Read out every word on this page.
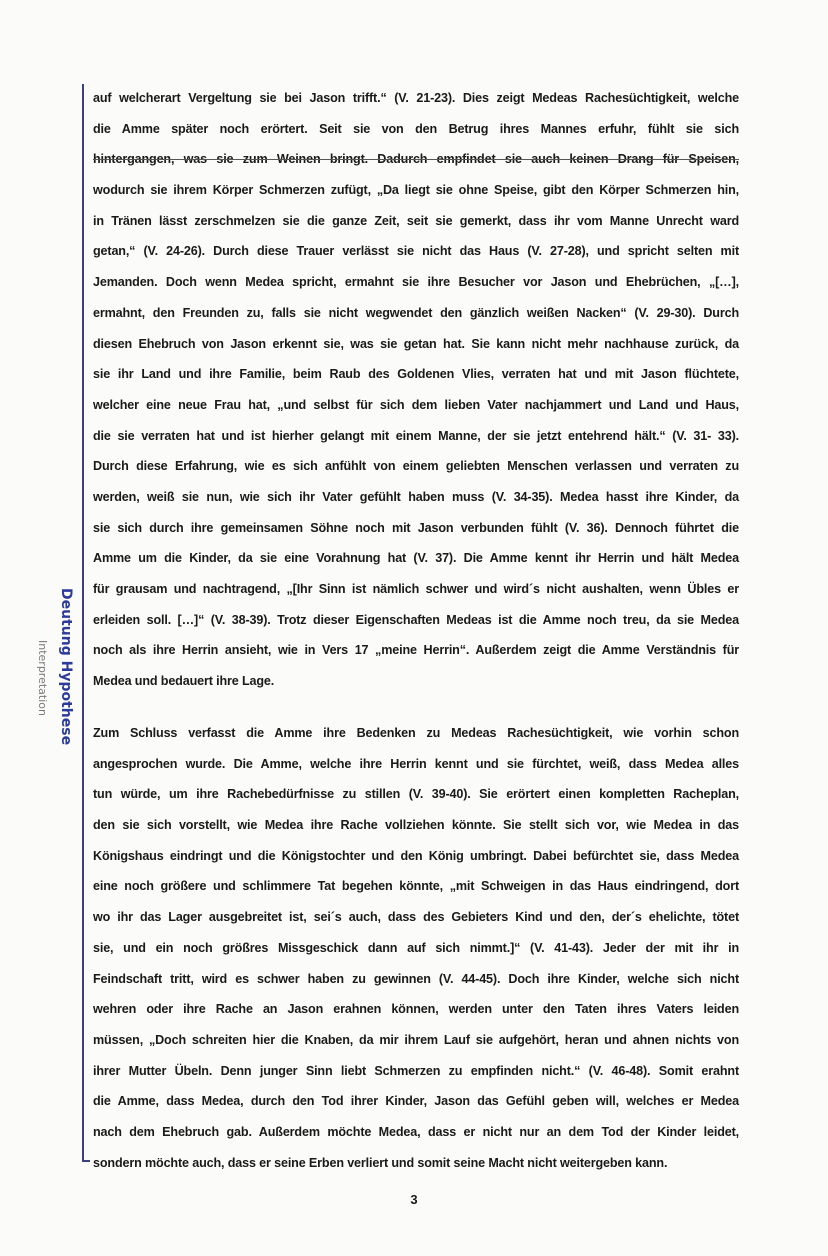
Deutung Hypothese
Interpretation
auf welcherart Vergeltung sie bei Jason trifft.“ (V. 21-23). Dies zeigt Medeas Rachesüchtigkeit, welche
die Amme später noch erörtert. Seit sie von den Betrug ihres Mannes erfuhr, fühlt sie sich
hintergangen, was sie zum Weinen bringt. Dadurch empfindet sie auch keinen Drang für Speisen,
wodurch sie ihrem Körper Schmerzen zufügt, „Da liegt sie ohne Speise, gibt den Körper Schmerzen hin,
in Tränen lässt zerschmelzen sie die ganze Zeit, seit sie gemerkt, dass ihr vom Manne Unrecht ward
getan,“ (V. 24-26). Durch diese Trauer verlässt sie nicht das Haus (V. 27-28), und spricht selten mit
Jemanden. Doch wenn Medea spricht, ermahnt sie ihre Besucher vor Jason und Ehebrüchen, „[…],
ermahnt, den Freunden zu, falls sie nicht wegwendet den gänzlich weißen Nacken“ (V. 29-30). Durch
diesen Ehebruch von Jason erkennt sie, was sie getan hat. Sie kann nicht mehr nachhause zurück, da
sie ihr Land und ihre Familie, beim Raub des Goldenen Vlies, verraten hat und mit Jason flüchtete,
welcher eine neue Frau hat, „und selbst für sich dem lieben Vater nachjammert und Land und Haus,
die sie verraten hat und ist hierher gelangt mit einem Manne, der sie jetzt entehrend hält.“ (V. 31- 33).
Durch diese Erfahrung, wie es sich anfühlt von einem geliebten Menschen verlassen und verraten zu
werden, weiß sie nun, wie sich ihr Vater gefühlt haben muss (V. 34-35). Medea hasst ihre Kinder, da
sie sich durch ihre gemeinsamen Söhne noch mit Jason verbunden fühlt (V. 36). Dennoch führtet die
Amme um die Kinder, da sie eine Vorahnung hat (V. 37). Die Amme kennt ihr Herrin und hält Medea
für grausam und nachtragend, „[Ihr Sinn ist nämlich schwer und wird´s nicht aushalten, wenn Übles er
erleiden soll. […]“ (V. 38-39). Trotz dieser Eigenschaften Medeas ist die Amme noch treu, da sie Medea
noch als ihre Herrin ansieht, wie in Vers 17 „meine Herrin“. Außerdem zeigt die Amme Verständnis für
Medea und bedauert ihre Lage.
Zum Schluss verfasst die Amme ihre Bedenken zu Medeas Rachesüchtigkeit, wie vorhin schon
angesprochen wurde. Die Amme, welche ihre Herrin kennt und sie fürchtet, weiß, dass Medea alles
tun würde, um ihre Rachebedürfnisse zu stillen (V. 39-40). Sie erörtert einen kompletten Racheplan,
den sie sich vorstellt, wie Medea ihre Rache vollziehen könnte. Sie stellt sich vor, wie Medea in das
Königshaus eindringt und die Königstochter und den König umbringt. Dabei befürchtet sie, dass Medea
eine noch größere und schlimmere Tat begehen könnte, „mit Schweigen in das Haus eindringend, dort
wo ihr das Lager ausgebreitet ist, sei´s auch, dass des Gebieters Kind und den, der´s ehelichte, tötet
sie, und ein noch größres Missgeschick dann auf sich nimmt.]“ (V. 41-43). Jeder der mit ihr in
Feindschaft tritt, wird es schwer haben zu gewinnen (V. 44-45). Doch ihre Kinder, welche sich nicht
wehren oder ihre Rache an Jason erahnen können, werden unter den Taten ihres Vaters leiden
müssen, „Doch schreiten hier die Knaben, da mir ihrem Lauf sie aufgehört, heran und ahnen nichts von
ihrer Mutter Übeln. Denn junger Sinn liebt Schmerzen zu empfinden nicht.“ (V. 46-48). Somit erahnt
die Amme, dass Medea, durch den Tod ihrer Kinder, Jason das Gefühl geben will, welches er Medea
nach dem Ehebruch gab. Außerdem möchte Medea, dass er nicht nur an dem Tod der Kinder leidet,
sondern möchte auch, dass er seine Erben verliert und somit seine Macht nicht weitergeben kann.
3
